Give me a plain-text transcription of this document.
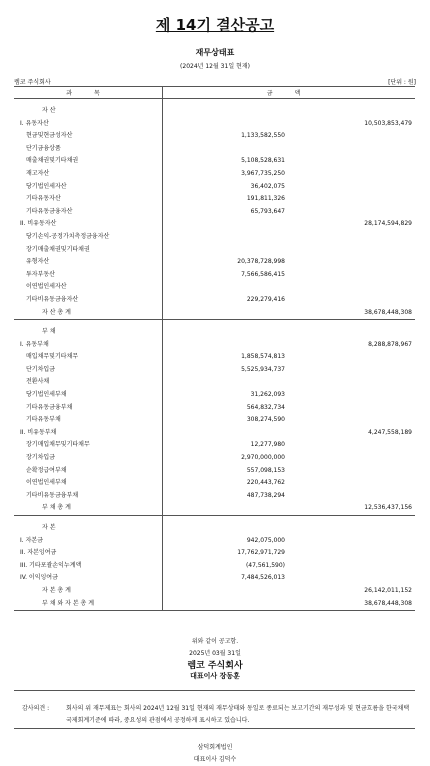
제 14기 결산공고
재무상태표
(2024년 12월 31일 현재)
렘코 주식회사	[단위 : 원]
과 목	금 액
자 산
I. 유동자산	10,503,853,479
현금및현금성자산	1,133,582,550
단기금융상품
매출채권및기타채권	5,108,528,631
재고자산	3,967,735,250
당기법인세자산	36,402,075
기타유동자산	191,811,326
기타유동금융자산	65,793,647
II. 비유동자산	28,174,594,829
당기손익-공정가치측정금융자산
장기매출채권및기타채권
유형자산	20,378,728,998
투자부동산	7,566,586,415
이연법인세자산
기타비유동금융자산	229,279,416
자 산 총 계	38,678,448,308
부 채
I. 유동부채	8,288,878,967
매입채무및기타채무	1,858,574,813
단기차입금	5,525,934,737
전환사채
당기법인세부채	31,262,093
기타유동금융부채	564,832,734
기타유동부채	308,274,590
II. 비유동부채	4,247,558,189
장기매입채무및기타채무	12,277,980
장기차입금	2,970,000,000
순확정급여부채	557,098,153
이연법인세부채	220,443,762
기타비유동금융부채	487,738,294
부 채 총 계	12,536,437,156
자 본
I. 자본금	942,075,000
II. 자본잉여금	17,762,971,729
III. 기타포괄손익누계액	(47,561,590)
IV. 이익잉여금	7,484,526,013
자 본 총 계	26,142,011,152
부 채 와 자 본 총 계	38,678,448,308
위와 같이 공고함.
2025년 03월 31일
렘코 주식회사
대표이사 장동훈
감사의견 :	회사의 위 재무제표는 회사의 2024년 12월 31일 현재의 재무상태와 동일로 종료되는 보고기간의 재무성과 및 현금흐름을 한국채택국제회계기준에 따라, 중요성의 관점에서 공정하게 표시하고 있습니다.
삼덕회계법인
대표이사 김덕수
